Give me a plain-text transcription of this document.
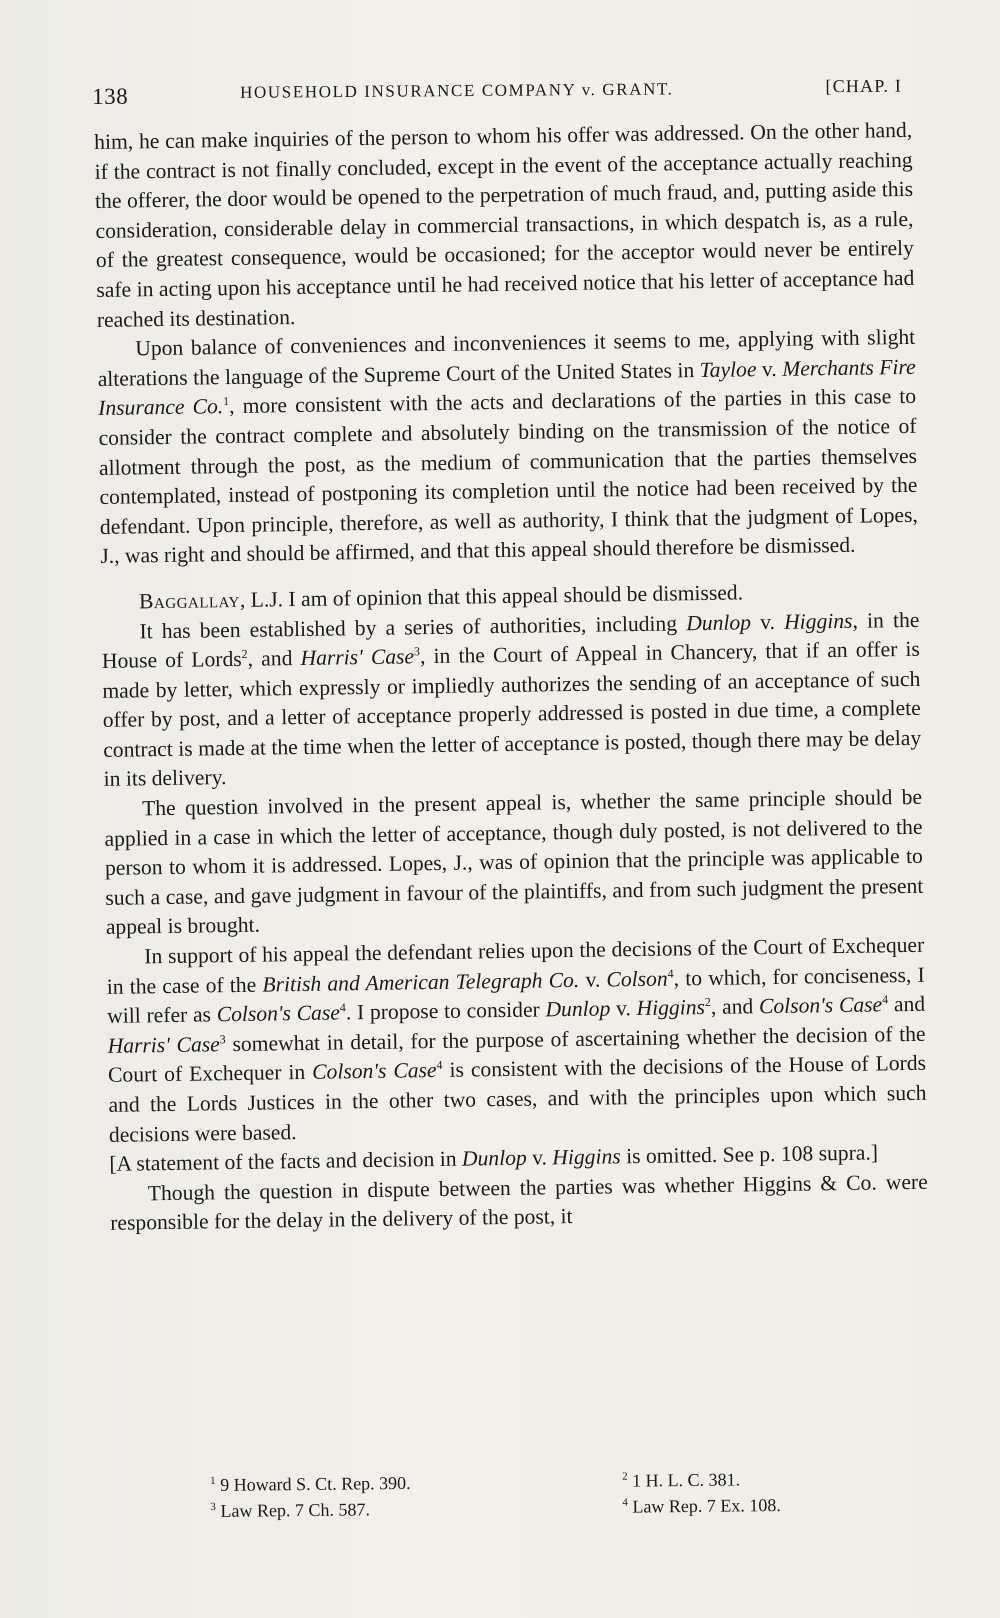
138	HOUSEHOLD INSURANCE COMPANY v. GRANT.	[CHAP. I

him, he can make inquiries of the person to whom his offer was addressed. On the other hand, if the contract is not finally concluded, except in the event of the acceptance actually reaching the offerer, the door would be opened to the perpetration of much fraud, and, putting aside this consideration, considerable delay in commercial transactions, in which despatch is, as a rule, of the greatest consequence, would be occasioned; for the acceptor would never be entirely safe in acting upon his acceptance until he had received notice that his letter of acceptance had reached its destination.

Upon balance of conveniences and inconveniences it seems to me, applying with slight alterations the language of the Supreme Court of the United States in Tayloe v. Merchants Fire Insurance Co.$^1$, more consistent with the acts and declarations of the parties in this case to consider the contract complete and absolutely binding on the transmission of the notice of allotment through the post, as the medium of communication that the parties themselves contemplated, instead of postponing its completion until the notice had been received by the defendant. Upon principle, therefore, as well as authority, I think that the judgment of Lopes, J., was right and should be affirmed, and that this appeal should therefore be dismissed.

Baggallay, L.J. I am of opinion that this appeal should be dismissed.

It has been established by a series of authorities, including Dunlop v. Higgins, in the House of Lords$^2$, and Harris' Case$^3$, in the Court of Appeal in Chancery, that if an offer is made by letter, which expressly or impliedly authorizes the sending of an acceptance of such offer by post, and a letter of acceptance properly addressed is posted in due time, a complete contract is made at the time when the letter of acceptance is posted, though there may be delay in its delivery.

The question involved in the present appeal is, whether the same principle should be applied in a case in which the letter of acceptance, though duly posted, is not delivered to the person to whom it is addressed. Lopes, J., was of opinion that the principle was applicable to such a case, and gave judgment in favour of the plaintiffs, and from such judgment the present appeal is brought.

In support of his appeal the defendant relies upon the decisions of the Court of Exchequer in the case of the British and American Telegraph Co. v. Colson$^4$, to which, for conciseness, I will refer as Colson's Case$^4$. I propose to consider Dunlop v. Higgins$^2$, and Colson's Case$^4$ and Harris' Case$^3$ somewhat in detail, for the purpose of ascertaining whether the decision of the Court of Exchequer in Colson's Case$^4$ is consistent with the decisions of the House of Lords and the Lords Justices in the other two cases, and with the principles upon which such decisions were based.

[A statement of the facts and decision in Dunlop v. Higgins is omitted. See p. 108 supra.]

Though the question in dispute between the parties was whether Higgins & Co. were responsible for the delay in the delivery of the post, it

$^1$ 9 Howard S. Ct. Rep. 390.	$^2$ 1 H. L. C. 381.
$^3$ Law Rep. 7 Ch. 587.	$^4$ Law Rep. 7 Ex. 108.
